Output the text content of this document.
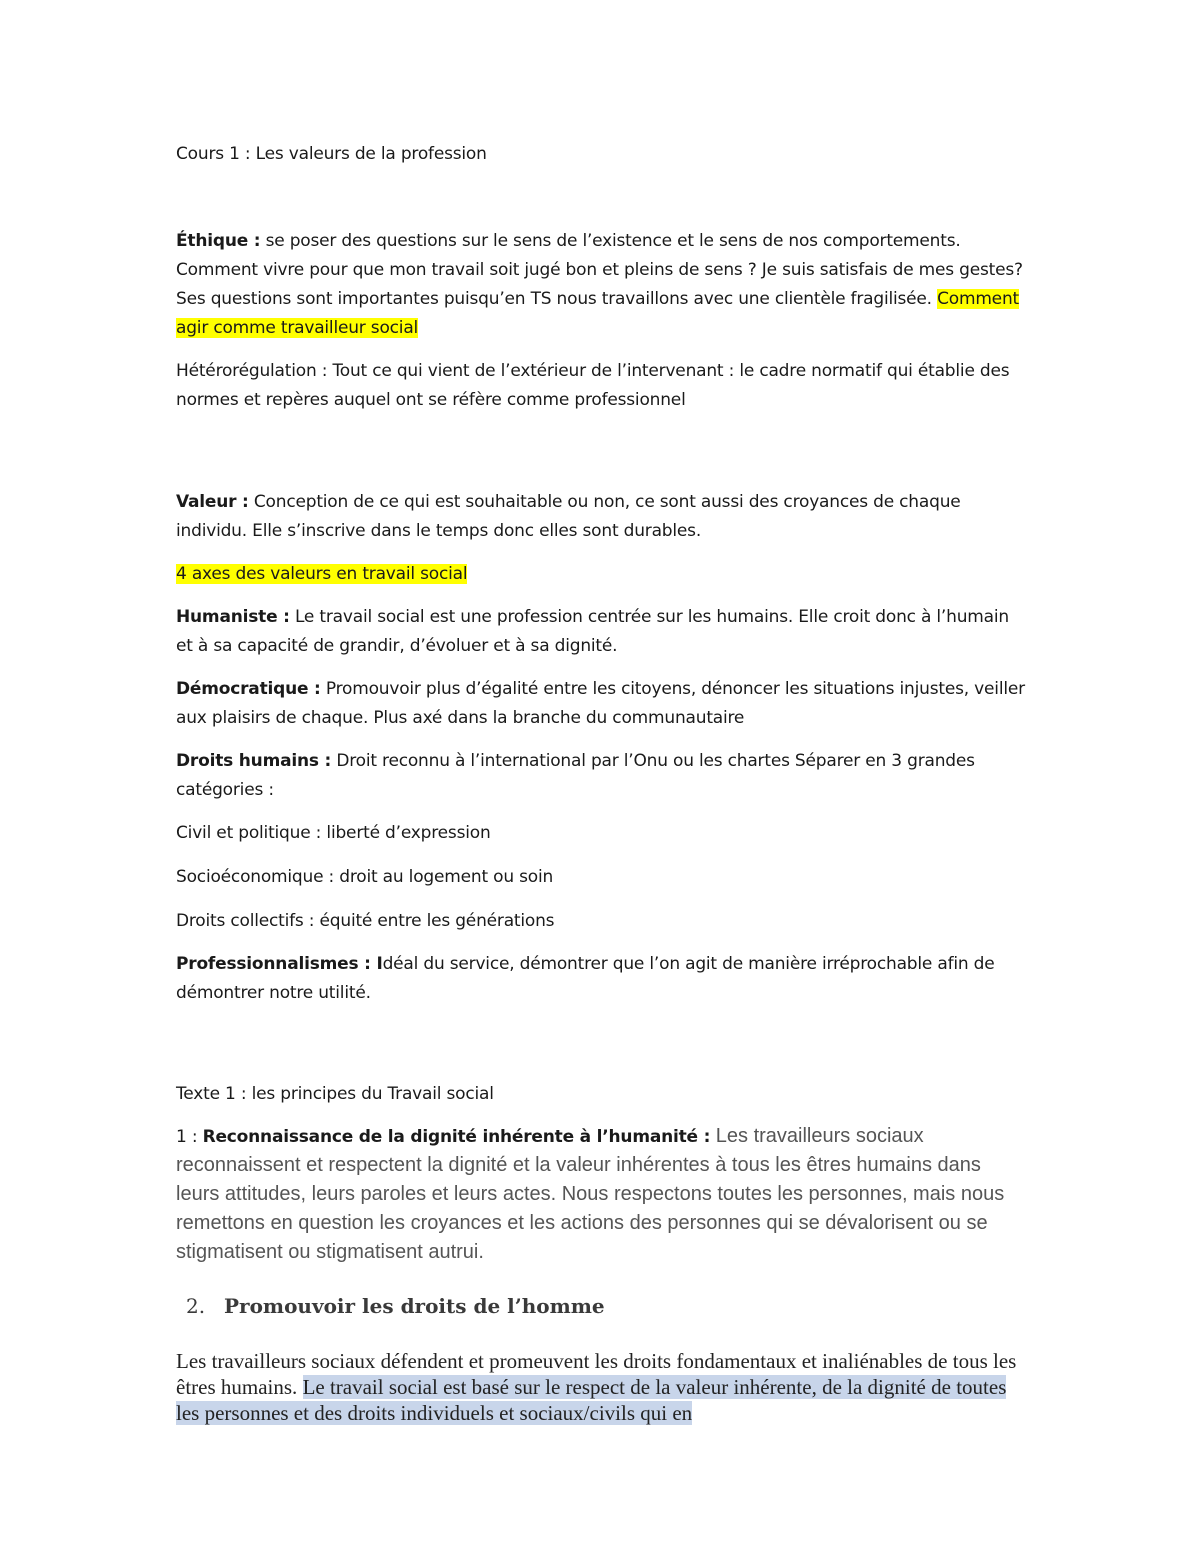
Cours 1 : Les valeurs de la profession

Éthique : se poser des questions sur le sens de l’existence et le sens de nos comportements. Comment vivre pour que mon travail soit jugé bon et pleins de sens ? Je suis satisfais de mes gestes? Ses questions sont importantes puisqu’en TS nous travaillons avec une clientèle fragilisée. Comment agir comme travailleur social

Hétérorégulation : Tout ce qui vient de l’extérieur de l’intervenant : le cadre normatif qui établie des normes et repères auquel ont se réfère comme professionnel

Valeur : Conception de ce qui est souhaitable ou non, ce sont aussi des croyances de chaque individu. Elle s’inscrive dans le temps donc elles sont durables.

4 axes des valeurs en travail social

Humaniste : Le travail social est une profession centrée sur les humains. Elle croit donc à l’humain et à sa capacité de grandir, d’évoluer et à sa dignité.

Démocratique : Promouvoir plus d’égalité entre les citoyens, dénoncer les situations injustes, veiller aux plaisirs de chaque. Plus axé dans la branche du communautaire

Droits humains : Droit reconnu à l’international par l’Onu ou les chartes Séparer en 3 grandes catégories :

Civil et politique : liberté d’expression

Socioéconomique : droit au logement ou soin

Droits collectifs : équité entre les générations

Professionnalismes : Idéal du service, démontrer que l’on agit de manière irréprochable afin de démontrer notre utilité.

Texte 1 : les principes du Travail social

1 : Reconnaissance de la dignité inhérente à l’humanité : Les travailleurs sociaux reconnaissent et respectent la dignité et la valeur inhérentes à tous les êtres humains dans leurs attitudes, leurs paroles et leurs actes. Nous respectons toutes les personnes, mais nous remettons en question les croyances et les actions des personnes qui se dévalorisent ou se stigmatisent ou stigmatisent autrui.

2. Promouvoir les droits de l’homme

Les travailleurs sociaux défendent et promeuvent les droits fondamentaux et inaliénables de tous les êtres humains. Le travail social est basé sur le respect de la valeur inhérente, de la dignité de toutes les personnes et des droits individuels et sociaux/civils qui en
